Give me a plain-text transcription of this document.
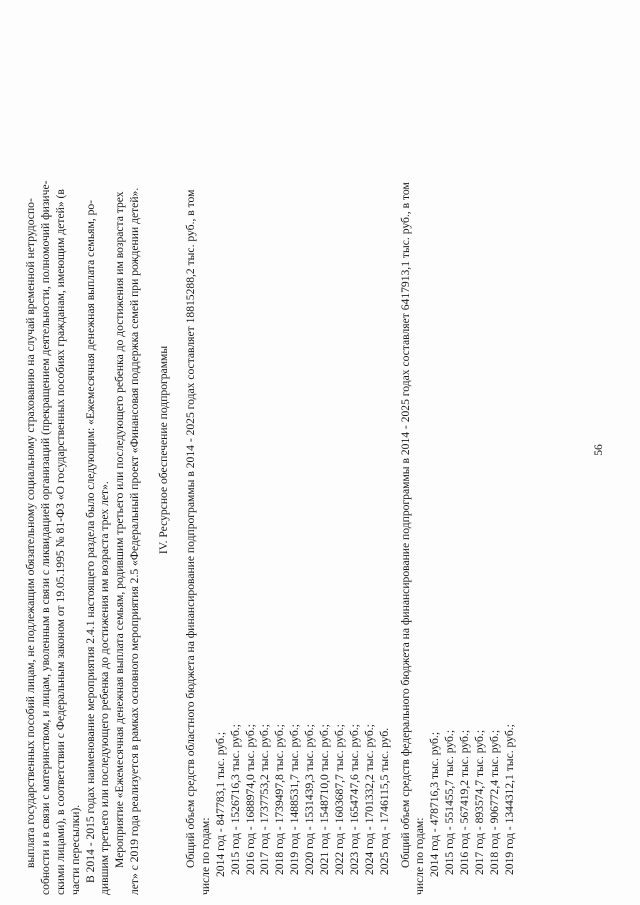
56
выплата государственных пособий лицам, не подлежащим обязательному социальному страхованию на случай временной нетрудоспо- собности и в связи с материнством, и лицам, уволенным в связи с ликвидацией организаций (прекращением деятельности, полномочий физиче- скими лицами), в соответствии с Федеральным законом от 19.05.1995 № 81-ФЗ «О государственных пособиях гражданам, имеющим детей» (в части пересылки). В 2014 - 2015 годах наименование мероприятия 2.4.1 настоящего раздела было следующим: «Ежемесячная денежная выплата семьям, ро- дившим третьего или последующего ребенка до достижения им возраста трех лет». Мероприятие «Ежемесячная денежная выплата семьям, родившим третьего или последующего ребенка до достижения им возраста трех лет» с 2019 года реализуется в рамках основного мероприятия 2.5 «Федеральный проект «Финансовая поддержка семей при рождении детей». IV. Ресурсное обеспечение подпрограммы Общий объем средств областного бюджета на финансирование подпрограммы в 2014 - 2025 годах составляет 18815288,2 тыс. руб., в том числе по годам: 2014 год - 847783,1 тыс. руб.; 2015 год - 1526716,3 тыс. руб.; 2016 год - 1688974,0 тыс. руб.; 2017 год - 1737753,2 тыс. руб.; 2018 год - 1739497,8 тыс. руб.; 2019 год - 1488531,7 тыс. руб.; 2020 год - 1531439,3 тыс. руб.; 2021 год - 1548710,0 тыс. руб.; 2022 год - 1603687,7 тыс. руб.; 2023 год - 1654747,6 тыс. руб.; 2024 год - 1701332,2 тыс. руб.; 2025 год - 1746115,5 тыс. руб. Общий объем средств федерального бюджета на финансирование подпрограммы в 2014 - 2025 годах составляет 6417913,1 тыс. руб., в том числе по годам: 2014 год - 478716,3 тыс. руб.; 2015 год - 551455,7 тыс. руб.; 2016 год - 567419,2 тыс. руб.; 2017 год - 893574,7 тыс. руб.; 2018 год - 906772,4 тыс. руб.; 2019 год - 1344312,1 тыс. руб.;
